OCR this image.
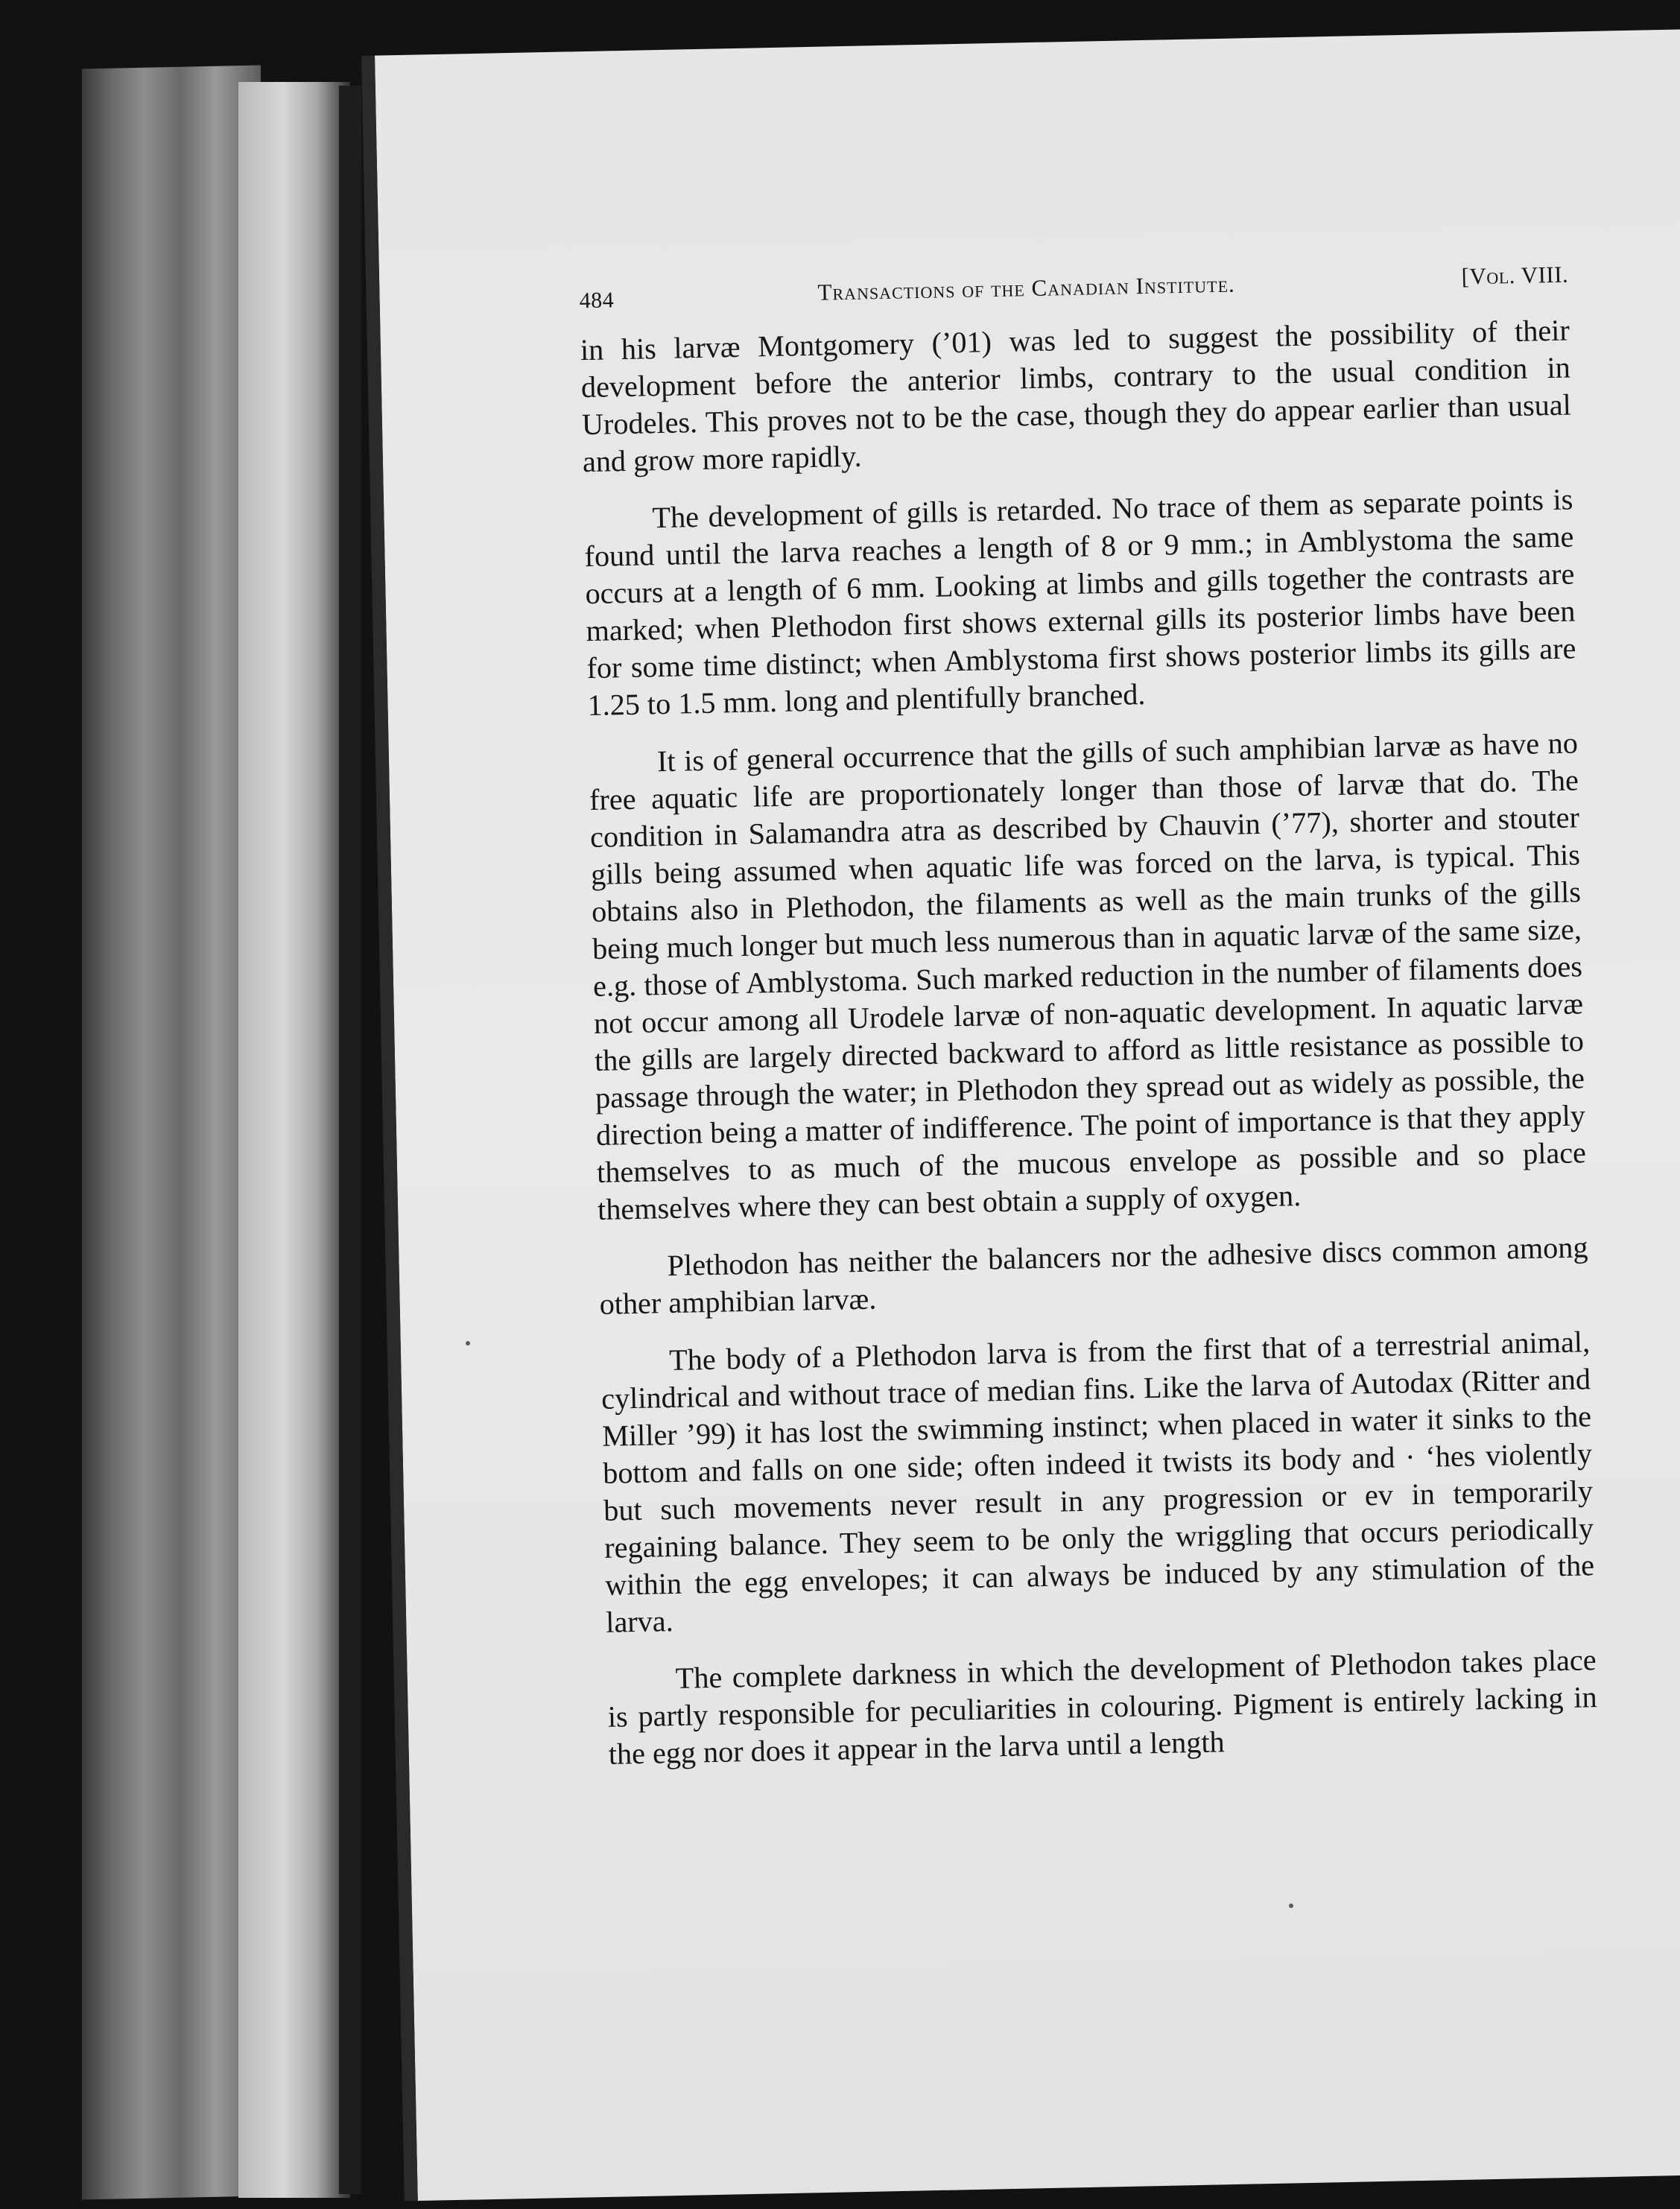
484	Transactions of the Canadian Institute.	[Vol. VIII.

in his larvæ Montgomery (’01) was led to suggest the possibility of their development before the anterior limbs, contrary to the usual condition in Urodeles. This proves not to be the case, though they do appear earlier than usual and grow more rapidly.

The development of gills is retarded. No trace of them as separate points is found until the larva reaches a length of 8 or 9 mm.; in Amblystoma the same occurs at a length of 6 mm. Looking at limbs and gills together the contrasts are marked; when Plethodon first shows external gills its posterior limbs have been for some time distinct; when Amblystoma first shows posterior limbs its gills are 1.25 to 1.5 mm. long and plentifully branched.

It is of general occurrence that the gills of such amphibian larvæ as have no free aquatic life are proportionately longer than those of larvæ that do. The condition in Salamandra atra as described by Chauvin (’77), shorter and stouter gills being assumed when aquatic life was forced on the larva, is typical. This obtains also in Plethodon, the filaments as well as the main trunks of the gills being much longer but much less numerous than in aquatic larvæ of the same size, e.g. those of Amblystoma. Such marked reduction in the number of filaments does not occur among all Urodele larvæ of non-aquatic development. In aquatic larvæ the gills are largely directed backward to afford as little resistance as possible to passage through the water; in Plethodon they spread out as widely as possible, the direction being a matter of indifference. The point of importance is that they apply themselves to as much of the mucous envelope as possible and so place themselves where they can best obtain a supply of oxygen.

Plethodon has neither the balancers nor the adhesive discs common among other amphibian larvæ.

The body of a Plethodon larva is from the first that of a terrestrial animal, cylindrical and without trace of median fins. Like the larva of Autodax (Ritter and Miller ’99) it has lost the swimming instinct; when placed in water it sinks to the bottom and falls on one side; often indeed it twists its body and · ‘hes violently but such movements never result in any progression or ev in temporarily regaining balance. They seem to be only the wriggling that occurs periodically within the egg envelopes; it can always be induced by any stimulation of the larva.

The complete darkness in which the development of Plethodon takes place is partly responsible for peculiarities in colouring. Pigment is entirely lacking in the egg nor does it appear in the larva until a length
